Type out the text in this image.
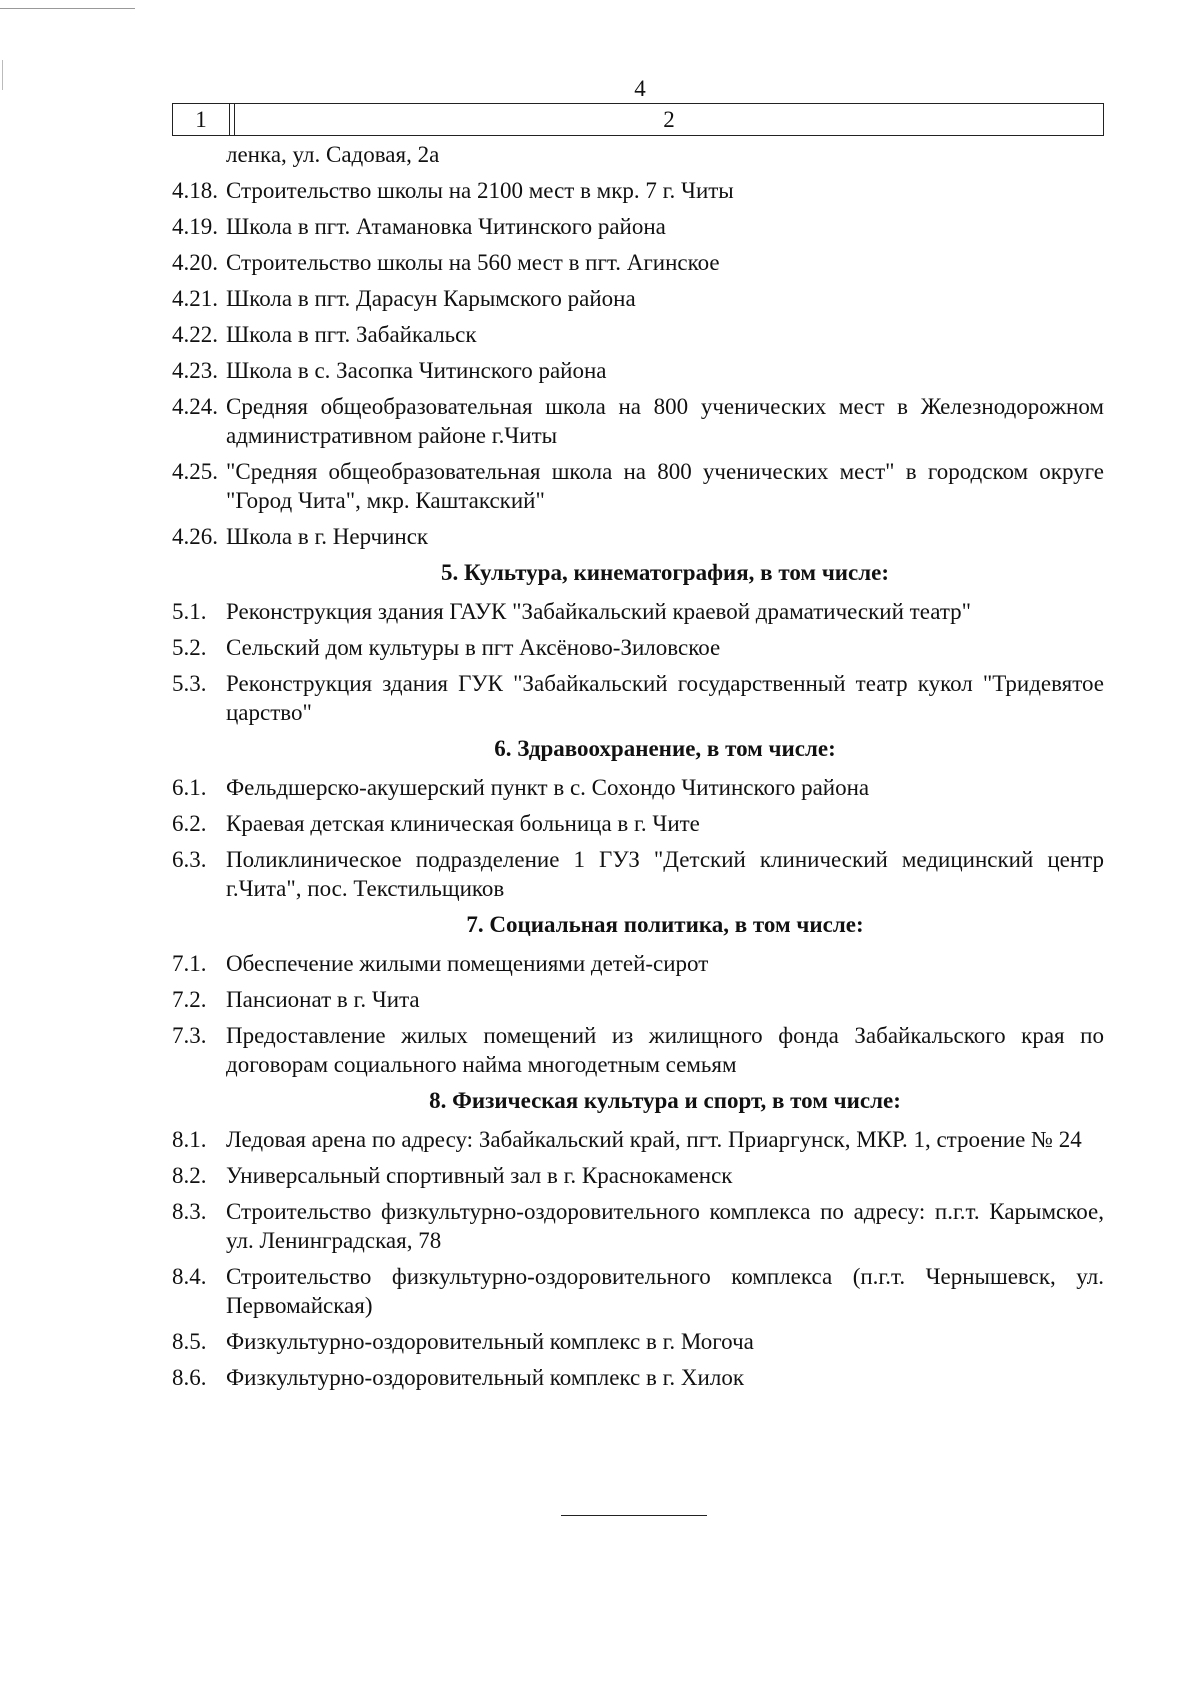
4
1	2
ленка, ул. Садовая, 2а
4.18. Строительство школы на 2100 мест в мкр. 7 г. Читы
4.19. Школа в пгт. Атамановка Читинского района
4.20. Строительство школы на 560 мест в пгт. Агинское
4.21. Школа в пгт. Дарасун Карымского района
4.22. Школа в пгт. Забайкальск
4.23. Школа в с. Засопка Читинского района
4.24. Средняя общеобразовательная школа на 800 ученических мест в Железнодорожном административном районе г.Читы
4.25. "Средняя общеобразовательная школа на 800 ученических мест" в городском округе "Город Чита", мкр. Каштакский"
4.26. Школа в г. Нерчинск
5. Культура, кинематография, в том числе:
5.1. Реконструкция здания ГАУК "Забайкальский краевой драматический театр"
5.2. Сельский дом культуры в пгт Аксёново-Зиловское
5.3. Реконструкция здания ГУК "Забайкальский государственный театр кукол "Тридевятое царство"
6. Здравоохранение, в том числе:
6.1. Фельдшерско-акушерский пункт в с. Сохондо Читинского района
6.2. Краевая детская клиническая больница в г. Чите
6.3. Поликлиническое подразделение 1 ГУЗ "Детский клинический медицинский центр г.Чита", пос. Текстильщиков
7. Социальная политика, в том числе:
7.1. Обеспечение жилыми помещениями детей-сирот
7.2. Пансионат в г. Чита
7.3. Предоставление жилых помещений из жилищного фонда Забайкальского края по договорам социального найма многодетным семьям
8. Физическая культура и спорт, в том числе:
8.1. Ледовая арена по адресу: Забайкальский край, пгт. Приаргунск, МКР. 1, строение № 24
8.2. Универсальный спортивный зал в г. Краснокаменск
8.3. Строительство физкультурно-оздоровительного комплекса по адресу: п.г.т. Карымское, ул. Ленинградская, 78
8.4. Строительство физкультурно-оздоровительного комплекса (п.г.т. Чернышевск, ул. Первомайская)
8.5. Физкультурно-оздоровительный комплекс в г. Могоча
8.6. Физкультурно-оздоровительный комплекс в г. Хилок
